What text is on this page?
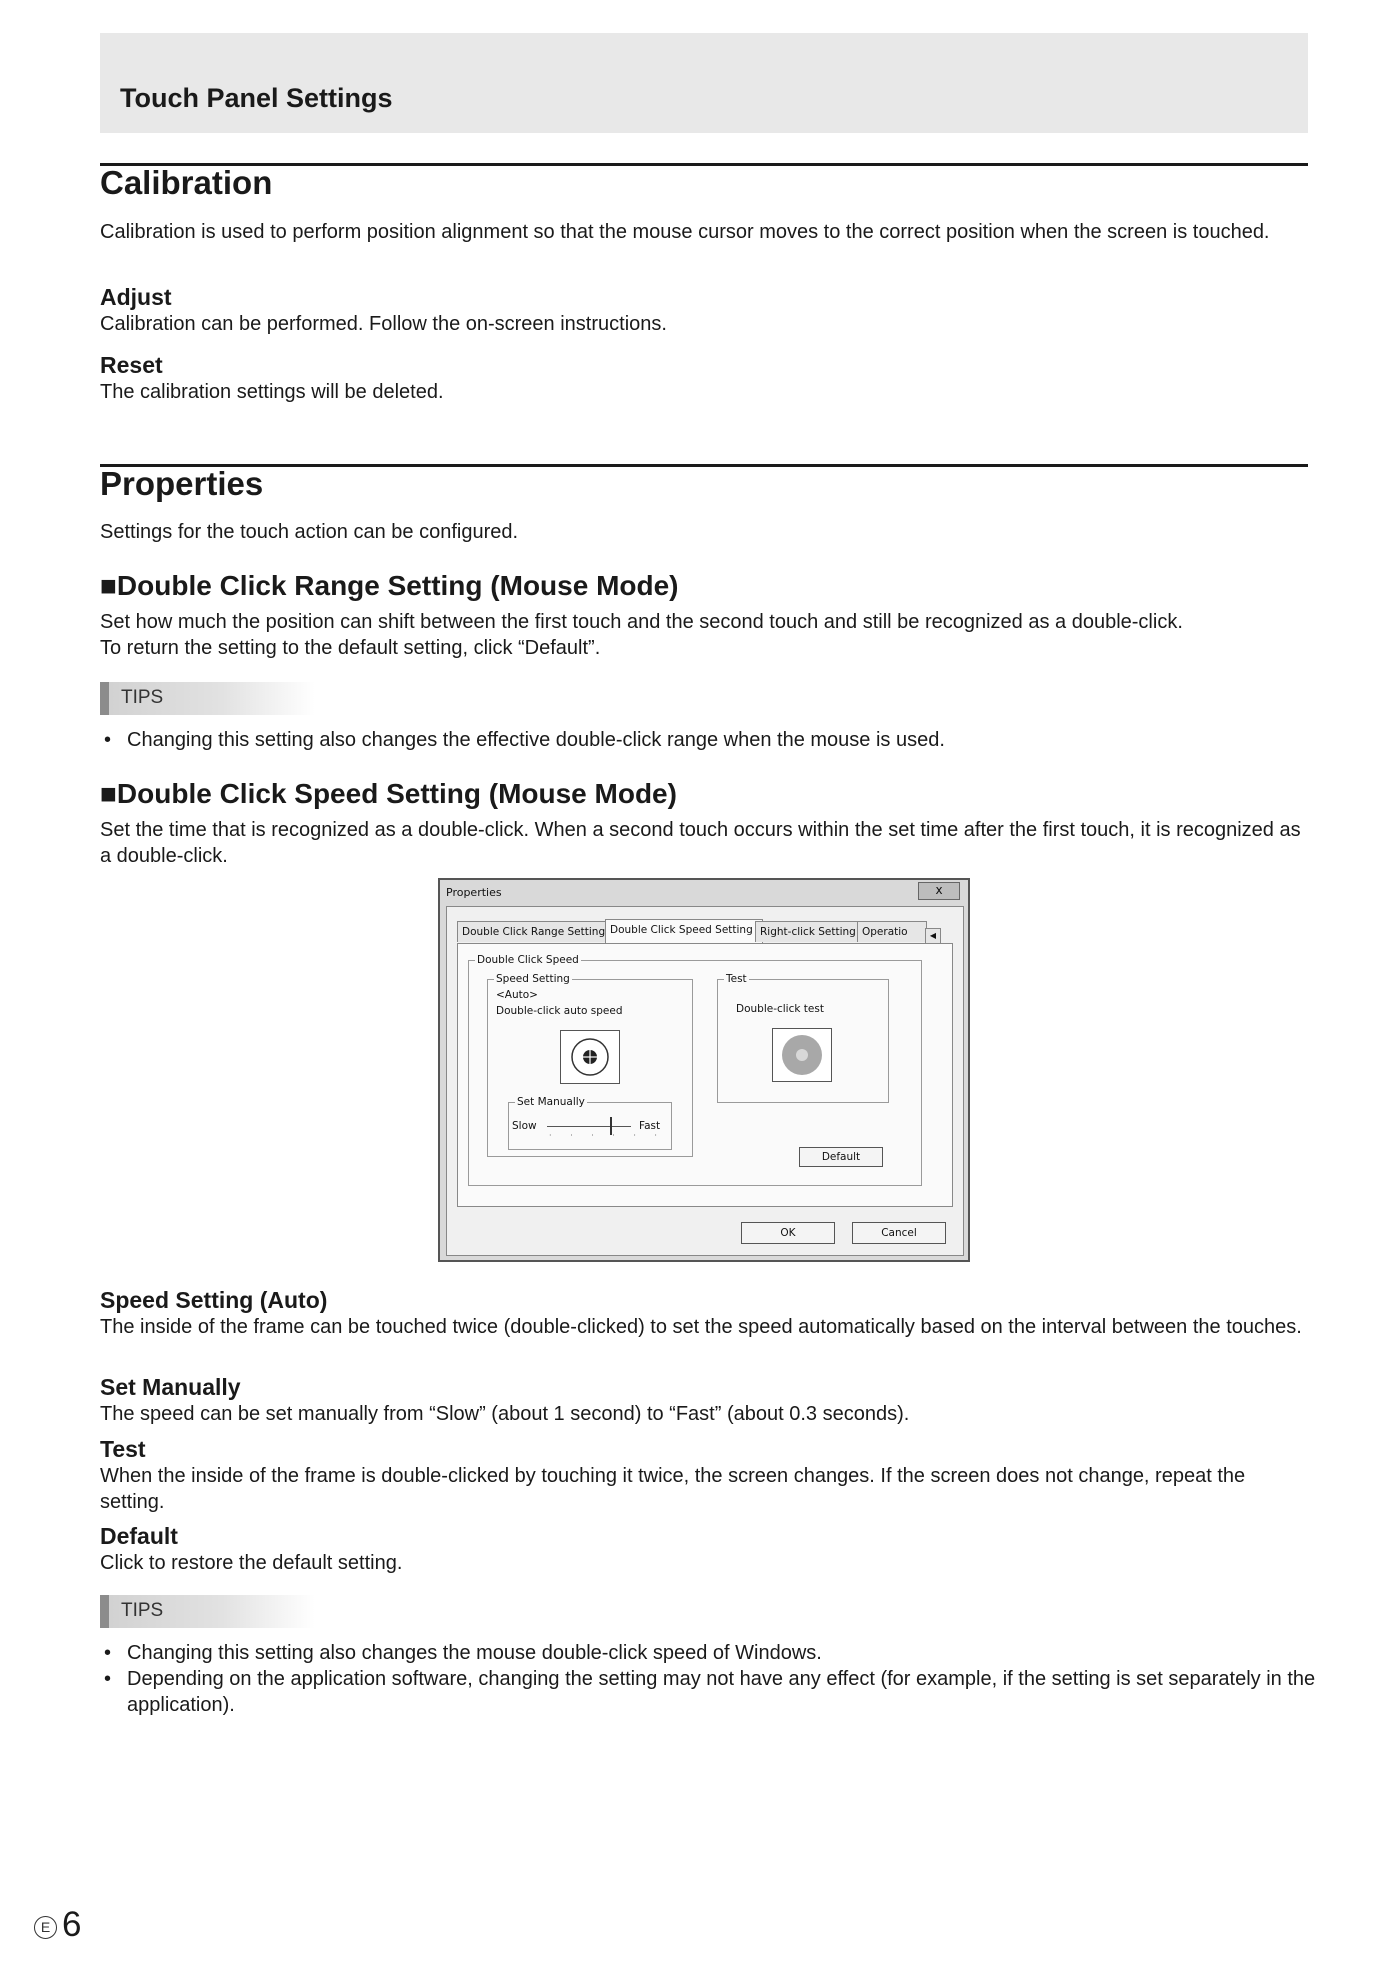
Touch Panel Settings
Calibration
Calibration is used to perform position alignment so that the mouse cursor moves to the correct position when the screen is touched.
Adjust
Calibration can be performed. Follow the on-screen instructions.
Reset
The calibration settings will be deleted.
Properties
Settings for the touch action can be configured.
■Double Click Range Setting (Mouse Mode)
Set how much the position can shift between the first touch and the second touch and still be recognized as a double-click.
To return the setting to the default setting, click “Default”.
TIPS
• Changing this setting also changes the effective double-click range when the mouse is used.
■Double Click Speed Setting (Mouse Mode)
Set the time that is recognized as a double-click. When a second touch occurs within the set time after the first touch, it is recognized as a double-click.
Properties	x
Double Click Range Setting Double Click Speed Setting Right-click Setting Operatio	◀
Double Click Speed
Speed Setting
<Auto>
Double-click auto speed
Set Manually
Slow
· · · · · ·
Fast
Test
Double-click test
Default
OK	Cancel
Speed Setting (Auto)
The inside of the frame can be touched twice (double-clicked) to set the speed automatically based on the interval between the touches.
Set Manually
The speed can be set manually from “Slow” (about 1 second) to “Fast” (about 0.3 seconds).
Test
When the inside of the frame is double-clicked by touching it twice, the screen changes. If the screen does not change, repeat the setting.
Default
Click to restore the default setting.
TIPS
• Changing this setting also changes the mouse double-click speed of Windows.
• Depending on the application software, changing the setting may not have any effect (for example, if the setting is set separately in the application).
E 6
